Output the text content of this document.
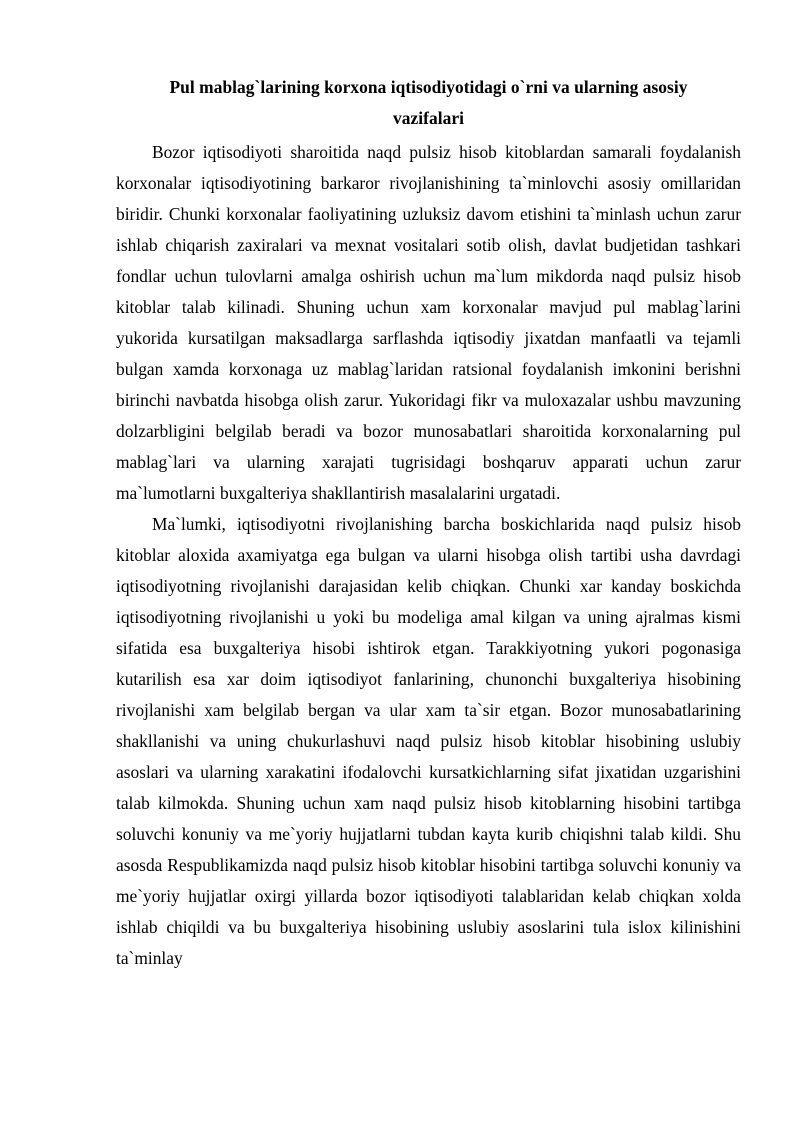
Pul mablag`larining korxona iqtisodiyotidagi o`rni va ularning asosiy
vazifalari

Bozor iqtisodiyoti sharoitida naqd pulsiz hisob kitoblardan samarali foydalanish korxonalar iqtisodiyotining barkaror rivojlanishining ta`minlovchi asosiy omillaridan biridir. Chunki korxonalar faoliyatining uzluksiz davom etishini ta`minlash uchun zarur ishlab chiqarish zaxiralari va mexnat vositalari sotib olish, davlat budjetidan tashkari fondlar uchun tulovlarni amalga oshirish uchun ma`lum mikdorda naqd pulsiz hisob kitoblar talab kilinadi. Shuning uchun xam korxonalar mavjud pul mablag`larini yukorida kursatilgan maksadlarga sarflashda iqtisodiy jixatdan manfaatli va tejamli bulgan xamda korxonaga uz mablag`laridan ratsional foydalanish imkonini berishni birinchi navbatda hisobga olish zarur. Yukoridagi fikr va muloxazalar ushbu mavzuning dolzarbligini belgilab beradi va bozor munosabatlari sharoitida korxonalarning pul mablag`lari va ularning xarajati tugrisidagi boshqaruv apparati uchun zarur ma`lumotlarni buxgalteriya shakllantirish masalalarini urgatadi.

Ma`lumki, iqtisodiyotni rivojlanishing barcha boskichlarida naqd pulsiz hisob kitoblar aloxida axamiyatga ega bulgan va ularni hisobga olish tartibi usha davrdagi iqtisodiyotning rivojlanishi darajasidan kelib chiqkan. Chunki xar kanday boskichda iqtisodiyotning rivojlanishi u yoki bu modeliga amal kilgan va uning ajralmas kismi sifatida esa buxgalteriya hisobi ishtirok etgan. Tarakkiyotning yukori pogonasiga kutarilish esa xar doim iqtisodiyot fanlarining, chunonchi buxgalteriya hisobining rivojlanishi xam belgilab bergan va ular xam ta`sir etgan. Bozor munosabatlarining shakllanishi va uning chukurlashuvi naqd pulsiz hisob kitoblar hisobining uslubiy asoslari va ularning xarakatini ifodalovchi kursatkichlarning sifat jixatidan uzgarishini talab kilmokda. Shuning uchun xam naqd pulsiz hisob kitoblarning hisobini tartibga soluvchi konuniy va me`yoriy hujjatlarni tubdan kayta kurib chiqishni talab kildi. Shu asosda Respublikamizda naqd pulsiz hisob kitoblar hisobini tartibga soluvchi konuniy va me`yoriy hujjatlar oxirgi yillarda bozor iqtisodiyoti talablaridan kelab chiqkan xolda ishlab chiqildi va bu buxgalteriya hisobining uslubiy asoslarini tula islox kilinishini ta`minlay
